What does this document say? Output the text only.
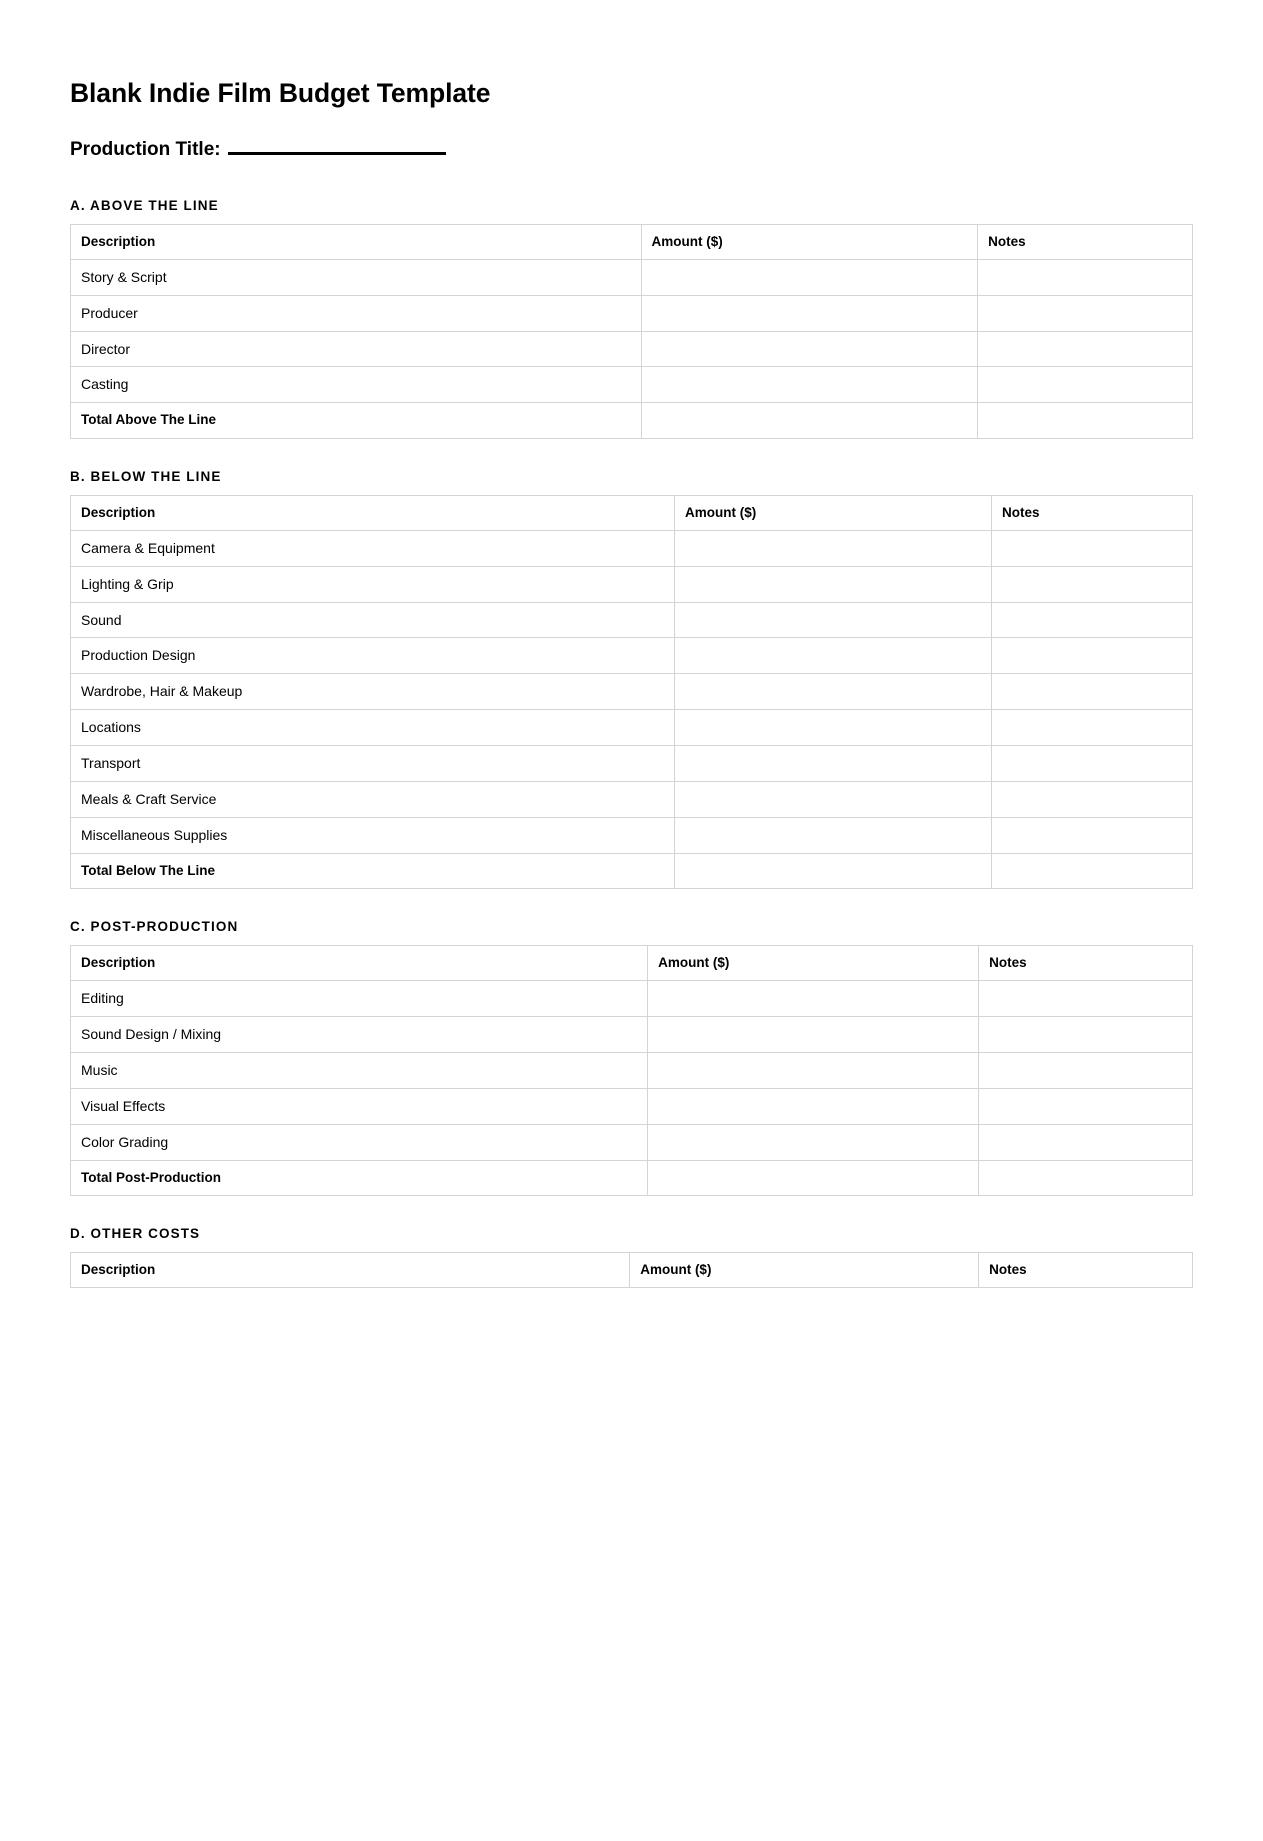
Blank Indie Film Budget Template
Production Title:
A. ABOVE THE LINE
Description	Amount ($)	Notes
Story & Script		
Producer		
Director		
Casting		
Total Above The Line		
B. BELOW THE LINE
Description	Amount ($)	Notes
Camera & Equipment		
Lighting & Grip		
Sound		
Production Design		
Wardrobe, Hair & Makeup		
Locations		
Transport		
Meals & Craft Service		
Miscellaneous Supplies		
Total Below The Line		
C. POST-PRODUCTION
Description	Amount ($)	Notes
Editing		
Sound Design / Mixing		
Music		
Visual Effects		
Color Grading		
Total Post-Production		
D. OTHER COSTS
Description	Amount ($)	Notes
